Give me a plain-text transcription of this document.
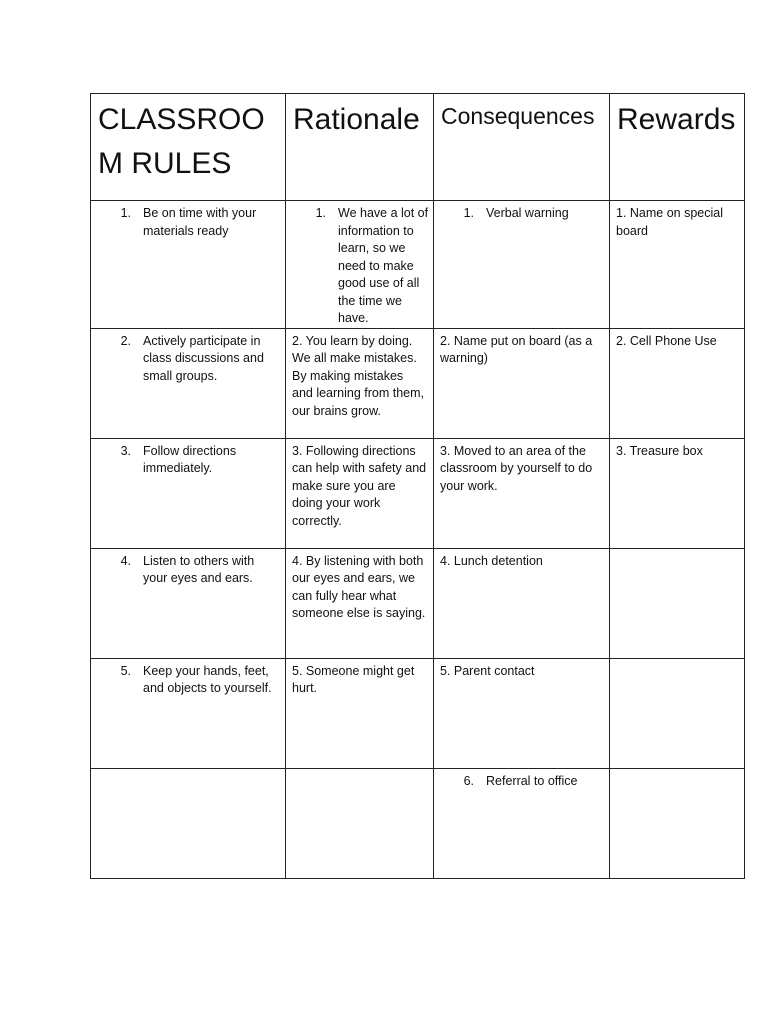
CLASSROOM RULES	Rationale	Consequences	Rewards

1. Be on time with your materials ready	1. We have a lot of information to learn, so we need to make good use of all the time we have.	1. Verbal warning	1. Name on special board

2. Actively participate in class discussions and small groups.	2. You learn by doing. We all make mistakes. By making mistakes and learning from them, our brains grow.	2. Name put on board (as a warning)	2. Cell Phone Use

3. Follow directions immediately.	3. Following directions can help with safety and make sure you are doing your work correctly.	3. Moved to an area of the classroom by yourself to do your work.	3. Treasure box

4. Listen to others with your eyes and ears.	4. By listening with both our eyes and ears, we can fully hear what someone else is saying.	4. Lunch detention	

5. Keep your hands, feet, and objects to yourself.	5. Someone might get hurt.	5. Parent contact	

		6. Referral to office	
